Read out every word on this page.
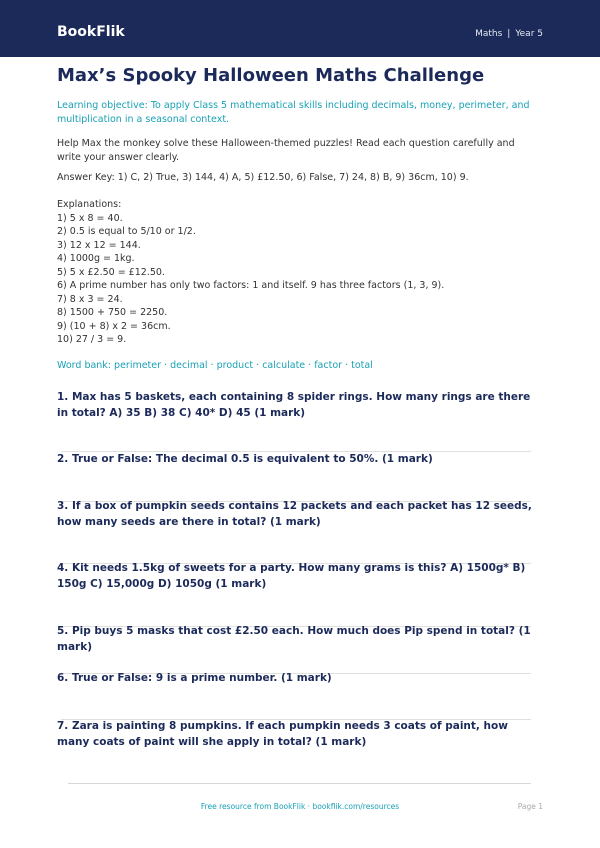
BookFlik	Maths | Year 5
Max’s Spooky Halloween Maths Challenge

Learning objective: To apply Class 5 mathematical skills including decimals, money, perimeter, and multiplication in a seasonal context.

Help Max the monkey solve these Halloween-themed puzzles! Read each question carefully and write your answer clearly.

Answer Key: 1) C, 2) True, 3) 144, 4) A, 5) £12.50, 6) False, 7) 24, 8) B, 9) 36cm, 10) 9.

Explanations:
1) 5 x 8 = 40.
2) 0.5 is equal to 5/10 or 1/2.
3) 12 x 12 = 144.
4) 1000g = 1kg.
5) 5 x £2.50 = £12.50.
6) A prime number has only two factors: 1 and itself. 9 has three factors (1, 3, 9).
7) 8 x 3 = 24.
8) 1500 + 750 = 2250.
9) (10 + 8) x 2 = 36cm.
10) 27 / 3 = 9.

Word bank: perimeter · decimal · product · calculate · factor · total

1. Max has 5 baskets, each containing 8 spider rings. How many rings are there in total? A) 35 B) 38 C) 40* D) 45 (1 mark)

2. True or False: The decimal 0.5 is equivalent to 50%. (1 mark)

3. If a box of pumpkin seeds contains 12 packets and each packet has 12 seeds, how many seeds are there in total? (1 mark)

4. Kit needs 1.5kg of sweets for a party. How many grams is this? A) 1500g* B) 150g C) 15,000g D) 1050g (1 mark)

5. Pip buys 5 masks that cost £2.50 each. How much does Pip spend in total? (1 mark)

6. True or False: 9 is a prime number. (1 mark)

7. Zara is painting 8 pumpkins. If each pumpkin needs 3 coats of paint, how many coats of paint will she apply in total? (1 mark)

Free resource from BookFlik · bookflik.com/resources	Page 1
